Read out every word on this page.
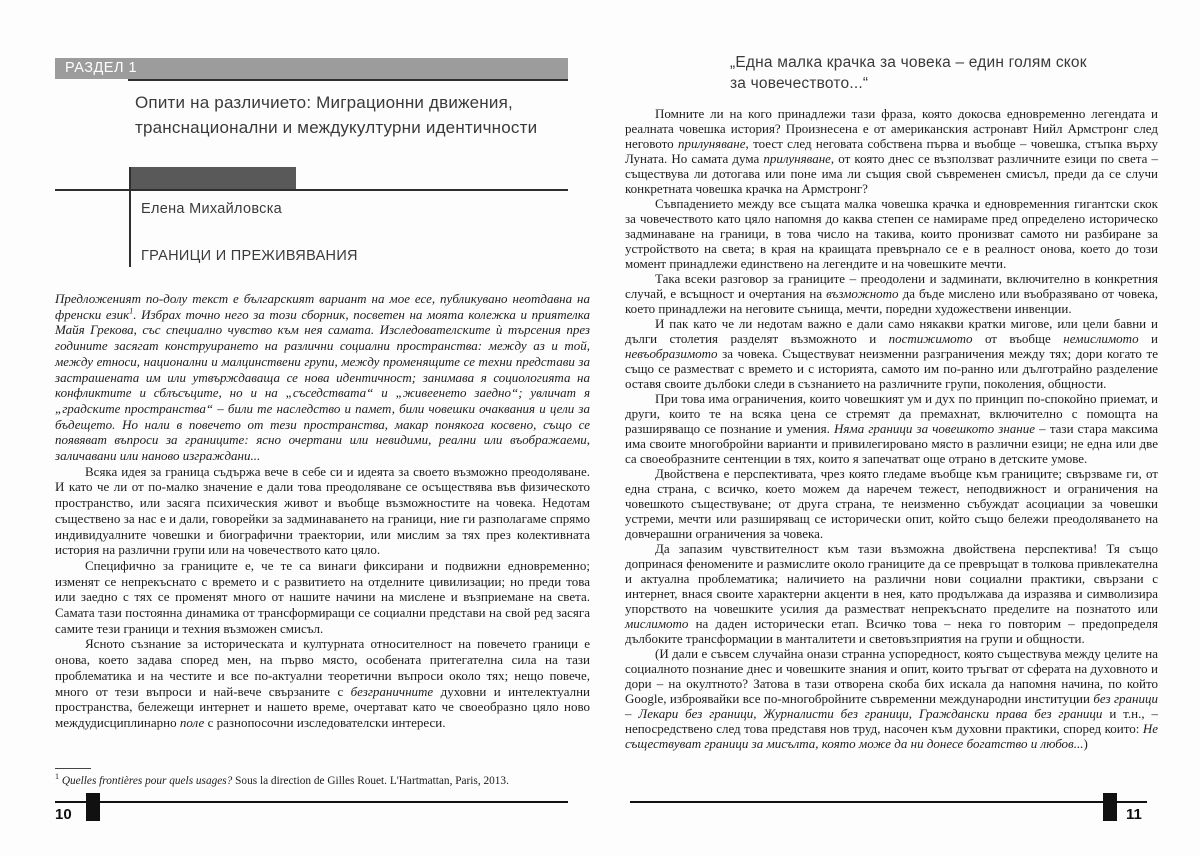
РАЗДЕЛ 1
Опити на различието: Миграционни движения,
транснационални и междукултурни идентичности
Елена Михайловска
ГРАНИЦИ И ПРЕЖИВЯВАНИЯ

Предложеният по-долу текст е българският вариант на мое есе, публикувано неотдавна на френски език$^1$. Избрах точно него за този сборник, посветен на моята колежка и приятелка Майя Грекова, със специално чувство към нея самата. Изследователските ѝ търсения през годините засягат конструирането на различни социални пространства: между аз и той, между етноси, национални и малцинствени групи, между променящите се техни представи за застрашената им или утвърждаваща се нова идентичност; занимава я социологията на конфликтите и сблъсъците, но и на „съседствата“ и „живеенето заедно“; увличат я „градските пространства“ – били те наследство и памет, били човешки очаквания и цели за бъдещето. Но нали в повечето от тези пространства, макар понякога косвено, също се появяват въпроси за границите: ясно очертани или невидими, реални или въображаеми, заличавани или наново изграждани...

Всяка идея за граница съдържа вече в себе си и идеята за своето възможно преодоляване. И като че ли от по-малко значение е дали това преодоляване се осъществява във физическото пространство, или засяга психическия живот и въобще възможностите на човека. Недотам съществено за нас е и дали, говорейки за задминаването на граници, ние ги разполагаме спрямо индивидуалните човешки и биографични траектории, или мислим за тях през колективната история на различни групи или на човечеството като цяло.

Специфично за границите е, че те са винаги фиксирани и подвижни едновременно; изменят се непрекъснато с времето и с развитието на отделните цивилизации; но преди това или заедно с тях се променят много от нашите начини на мислене и възприемане на света. Самата тази постоянна динамика от трансформиращи се социални представи на свой ред засяга самите тези граници и техния възможен смисъл.

Ясното съзнание за историческата и културната относителност на повечето граници е онова, което задава според мен, на първо място, особената притегателна сила на тази проблематика и на честите и все по-актуални теоретични въпроси около тях; нещо повече, много от тези въпроси и най-вече свързаните с безграничните духовни и интелектуални пространства, бележещи интернет и нашето време, очертават като че своеобразно цяло ново междудисциплинарно поле с разнопосочни изследователски интереси.

$^1$ Quelles frontières pour quels usages? Sous la direction de Gilles Rouet. L'Hartmattan, Paris, 2013.
10
„Една малка крачка за човека – един голям скок
за човечеството...“

Помните ли на кого принадлежи тази фраза, която докосва едновременно легендата и реалната човешка история? Произнесена е от американския астронавт Нийл Армстронг след неговото прилуняване, тоест след неговата собствена първа и въобще – човешка, стъпка върху Луната. Но самата дума прилуняване, от която днес се възползват различните езици по света – съществува ли дотогава или поне има ли същия свой съвременен смисъл, преди да се случи конкретната човешка крачка на Армстронг?

Съвпадението между все същата малка човешка крачка и едновременния гигантски скок за човечеството като цяло напомня до каква степен се намираме пред определено историческо задминаване на граници, в това число на такива, които пронизват самото ни разбиране за устройството на света; в края на краищата превърнало се е в реалност онова, което до този момент принадлежи единствено на легендите и на човешките мечти.

Така всеки разговор за границите – преодолени и задминати, включително в конкретния случай, е всъщност и очертания на възможното да бъде мислено или въобразявано от човека, което принадлежи на неговите сънища, мечти, поредни художествени инвенции.

И пак като че ли недотам важно е дали само някакви кратки мигове, или цели бавни и дълги столетия разделят възможното и постижимото от въобще немислимото и невъобразимото за човека. Съществуват неизменни разграничения между тях; дори когато те също се разместват с времето и с историята, самото им по-ранно или дълготрайно разделение оставя своите дълбоки следи в съзнанието на различните групи, поколения, общности.

При това има ограничения, които човешкият ум и дух по принцип по-спокойно приемат, и други, които те на всяка цена се стремят да премахнат, включително с помощта на разширяващо се познание и умения. Няма граници за човешкото знание – тази стара максима има своите многобройни варианти и привилегировано място в различни езици; не една или две са своеобразните сентенции в тях, които я запечатват още отрано в детските умове.

Двойствена е перспективата, чрез която гледаме въобще към границите; свързваме ги, от една страна, с всичко, което можем да наречем тежест, неподвижност и ограничения на човешкото съществуване; от друга страна, те неизменно събуждат асоциации за човешки устреми, мечти или разширяващ се исторически опит, който също бележи преодоляването на довчерашни ограничения за човека.

Да запазим чувствителност към тази възможна двойствена перспектива! Тя също допринася феномените и размислите около границите да се превръщат в толкова привлекателна и актуална проблематика; наличието на различни нови социални практики, свързани с интернет, внася своите характерни акценти в нея, като продължава да изразява и символизира упорството на човешките усилия да разместват непрекъснато пределите на познатото или мислимото на даден исторически етап. Всичко това – нека го повторим – предопределя дълбоките трансформации в манталитети и световъзприятия на групи и общности.

(И дали е съвсем случайна онази странна успоредност, която съществува между целите на социалното познание днес и човешките знания и опит, които тръгват от сферата на духовното и дори – на окултното? Затова в тази отворена скоба бих искала да напомня начина, по който Google, изброявайки все по-многобройните съвременни международни институции без граници – Лекари без граници, Журналисти без граници, Граждански права без граници и т.н., – непосредствено след това представя нов труд, насочен към духовни практики, според които: Не съществуват граници за мисълта, която може да ни донесе богатство и любов...)

11
